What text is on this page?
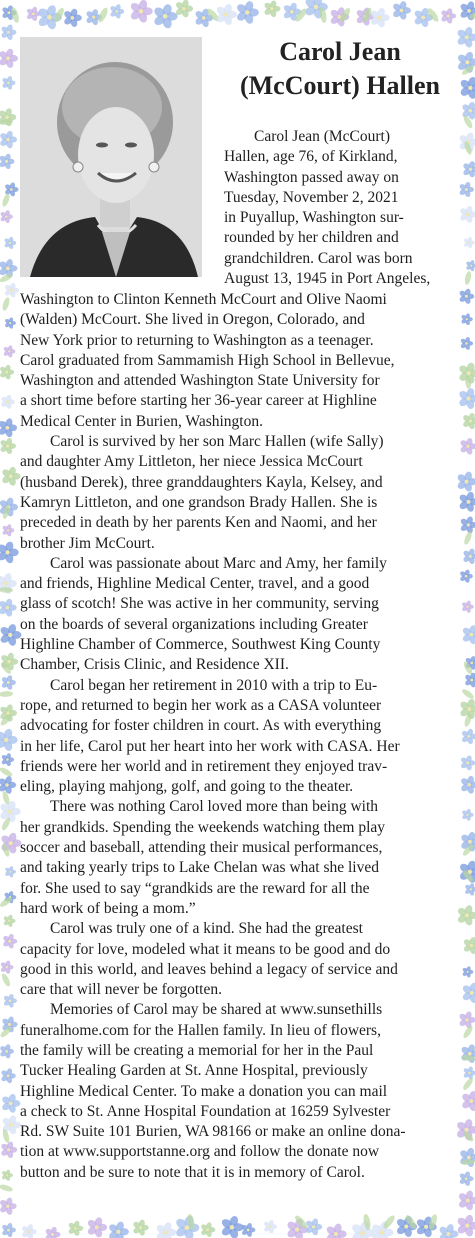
Carol Jean
(McCourt) Hallen
Carol Jean (McCourt)
Hallen, age 76, of Kirkland,
Washington passed away on
Tuesday, November 2, 2021
in Puyallup, Washington sur-
rounded by her children and
grandchildren. Carol was born
August 13, 1945 in Port Angeles,
Washington to Clinton Kenneth McCourt and Olive Naomi
(Walden) McCourt. She lived in Oregon, Colorado, and
New York prior to returning to Washington as a teenager.
Carol graduated from Sammamish High School in Bellevue,
Washington and attended Washington State University for
a short time before starting her 36-year career at Highline
Medical Center in Burien, Washington.
Carol is survived by her son Marc Hallen (wife Sally)
and daughter Amy Littleton, her niece Jessica McCourt
(husband Derek), three granddaughters Kayla, Kelsey, and
Kamryn Littleton, and one grandson Brady Hallen. She is
preceded in death by her parents Ken and Naomi, and her
brother Jim McCourt.
Carol was passionate about Marc and Amy, her family
and friends, Highline Medical Center, travel, and a good
glass of scotch! She was active in her community, serving
on the boards of several organizations including Greater
Highline Chamber of Commerce, Southwest King County
Chamber, Crisis Clinic, and Residence XII.
Carol began her retirement in 2010 with a trip to Eu-
rope, and returned to begin her work as a CASA volunteer
advocating for foster children in court. As with everything
in her life, Carol put her heart into her work with CASA. Her
friends were her world and in retirement they enjoyed trav-
eling, playing mahjong, golf, and going to the theater.
There was nothing Carol loved more than being with
her grandkids. Spending the weekends watching them play
soccer and baseball, attending their musical performances,
and taking yearly trips to Lake Chelan was what she lived
for. She used to say “grandkids are the reward for all the
hard work of being a mom.”
Carol was truly one of a kind. She had the greatest
capacity for love, modeled what it means to be good and do
good in this world, and leaves behind a legacy of service and
care that will never be forgotten.
Memories of Carol may be shared at www.sunsethills
funeralhome.com for the Hallen family. In lieu of flowers,
the family will be creating a memorial for her in the Paul
Tucker Healing Garden at St. Anne Hospital, previously
Highline Medical Center. To make a donation you can mail
a check to St. Anne Hospital Foundation at 16259 Sylvester
Rd. SW Suite 101 Burien, WA 98166 or make an online dona-
tion at www.supportstanne.org and follow the donate now
button and be sure to note that it is in memory of Carol.
